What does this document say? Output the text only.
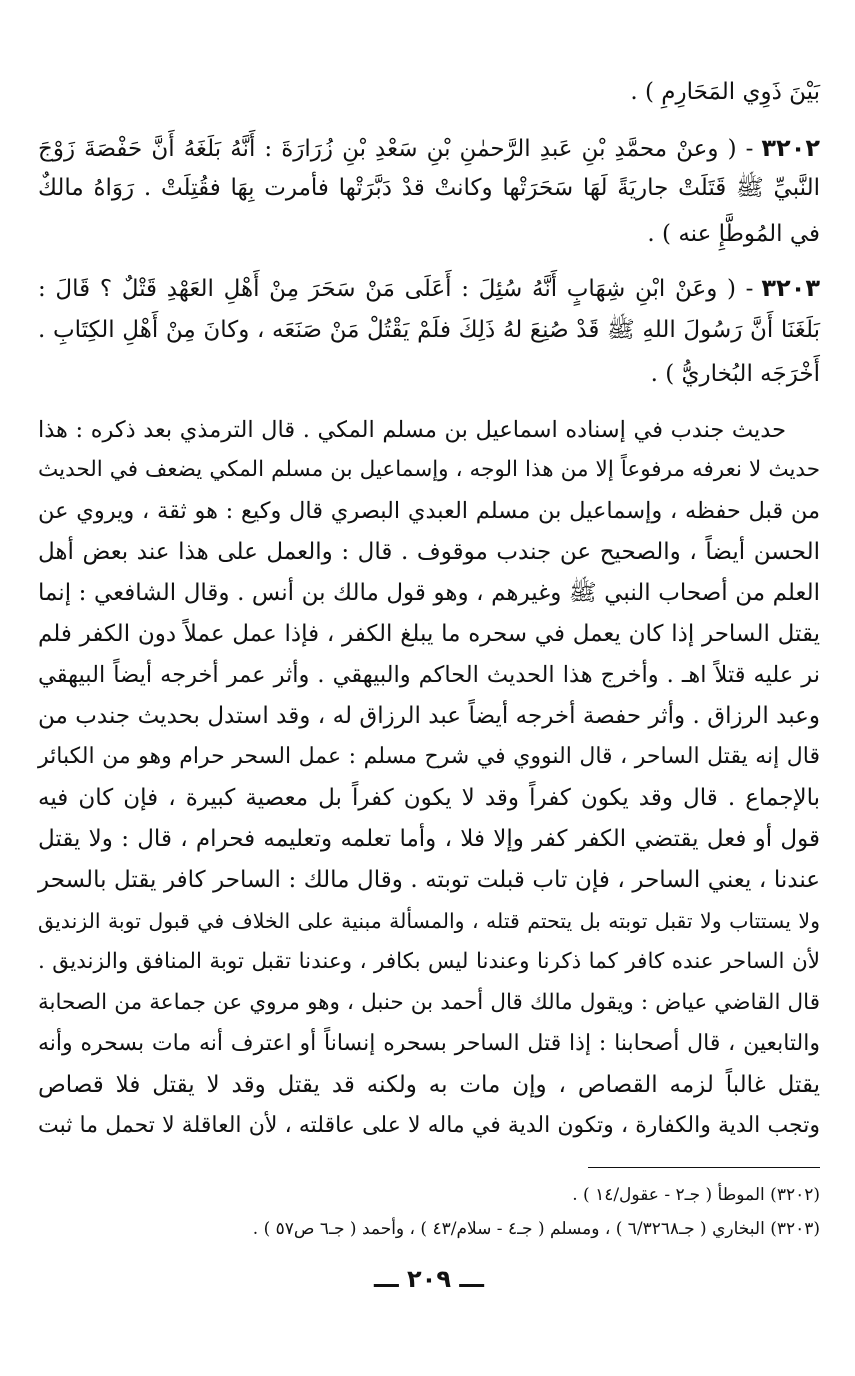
بَيْنَ ذَوِي المَحَارِمِ ) .
٣٢٠٢- ( وعنْ محمَّدِ بْنِ عَبدِ الرَّحمٰنِ بْنِ سَعْدِ بْنِ زُرَارَةَ : أَنَّهُ بَلَغَهُ أَنَّ حَفْصَةَ زَوْجَ
النَّبيِّ ﷺ قَتَلَتْ جاريَةً لَهَا سَحَرَتْها وكانتْ قدْ دَبَّرَتْها فأمرت بِهَا فقُتِلَتْ . رَوَاهُ مالكٌ
في المُوطَّإِ عنه ) .
٣٢٠٣- ( وعَنْ ابْنِ شِهَابٍ أَنَّهُ سُئِلَ : أَعَلَى مَنْ سَحَرَ مِنْ أَهْلِ العَهْدِ قَتْلٌ ؟ قَالَ :
بَلَغَنَا أَنَّ رَسُولَ اللهِ ﷺ قَدْ صُنِعَ لهُ ذَلِكَ فلَمْ يَقْتُلْ مَنْ صَنَعَه ، وكانَ مِنْ أَهْلِ الكِتَابِ .
أَخْرَجَه البُخاريُّ ) .
حديث جندب في إسناده اسماعيل بن مسلم المكي . قال الترمذي بعد ذكره : هذا
حديث لا نعرفه مرفوعاً إلا من هذا الوجه ، وإسماعيل بن مسلم المكي يضعف في الحديث
من قبل حفظه ، وإسماعيل بن مسلم العبدي البصري قال وكيع : هو ثقة ، ويروي عن
الحسن أيضاً ، والصحيح عن جندب موقوف . قال : والعمل على هذا عند بعض أهل
العلم من أصحاب النبي ﷺ وغيرهم ، وهو قول مالك بن أنس . وقال الشافعي : إنما
يقتل الساحر إذا كان يعمل في سحره ما يبلغ الكفر ، فإذا عمل عملاً دون الكفر فلم
نر عليه قتلاً اهـ . وأخرج هذا الحديث الحاكم والبيهقي . وأثر عمر أخرجه أيضاً البيهقي
وعبد الرزاق . وأثر حفصة أخرجه أيضاً عبد الرزاق له ، وقد استدل بحديث جندب من
قال إنه يقتل الساحر ، قال النووي في شرح مسلم : عمل السحر حرام وهو من الكبائر
بالإجماع . قال وقد يكون كفراً وقد لا يكون كفراً بل معصية كبيرة ، فإن كان فيه
قول أو فعل يقتضي الكفر كفر وإلا فلا ، وأما تعلمه وتعليمه فحرام ، قال : ولا يقتل
عندنا ، يعني الساحر ، فإن تاب قبلت توبته . وقال مالك : الساحر كافر يقتل بالسحر
ولا يستتاب ولا تقبل توبته بل يتحتم قتله ، والمسألة مبنية على الخلاف في قبول توبة الزنديق
لأن الساحر عنده كافر كما ذكرنا وعندنا ليس بكافر ، وعندنا تقبل توبة المنافق والزنديق .
قال القاضي عياض : ويقول مالك قال أحمد بن حنبل ، وهو مروي عن جماعة من الصحابة
والتابعين ، قال أصحابنا : إذا قتل الساحر بسحره إنساناً أو اعترف أنه مات بسحره وأنه
يقتل غالباً لزمه القصاص ، وإن مات به ولكنه قد يقتل وقد لا يقتل فلا قصاص
وتجب الدية والكفارة ، وتكون الدية في ماله لا على عاقلته ، لأن العاقلة لا تحمل ما ثبت
(٣٢٠٢) الموطأ ( جـ٢ - عقول/١٤ ) .
(٣٢٠٣) البخاري ( جـ٦/٣٢٦٨ ) ، ومسلم ( جـ٤ - سلام/٤٣ ) ، وأحمد ( جـ٦ ص٥٧ ) .
ـــ ٢٠٩ ـــ
